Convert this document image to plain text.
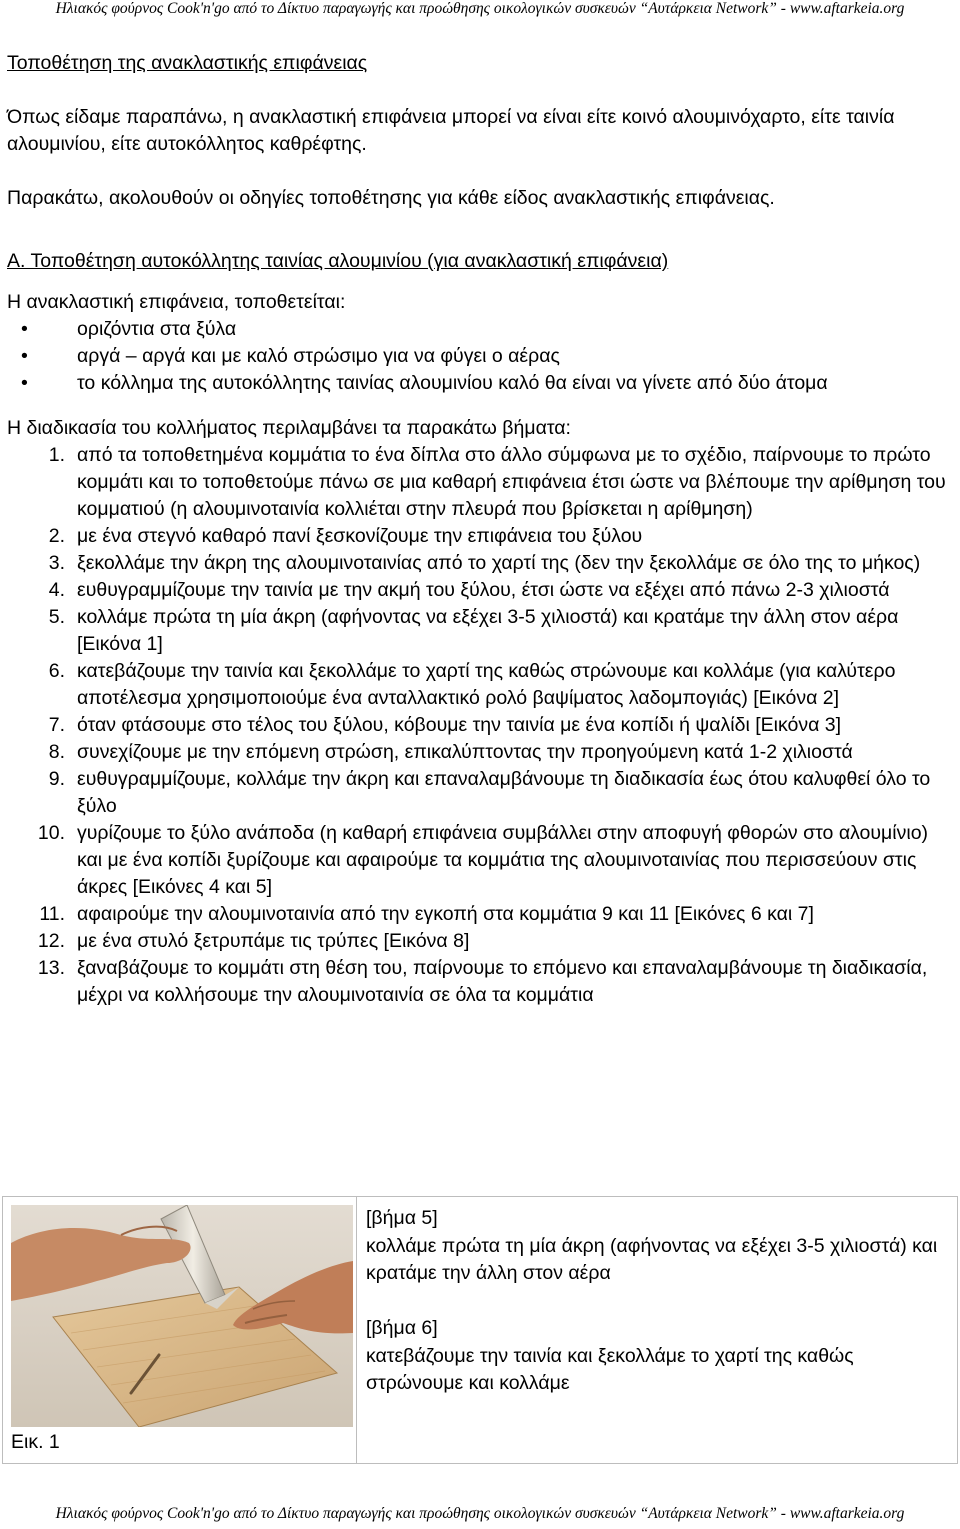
Ηλιακός φούρνος Cook'n'go από το Δίκτυο παραγωγής και προώθησης οικολογικών συσκευών “Αυτάρκεια Network” - www.aftarkeia.org

Τοποθέτηση της ανακλαστικής επιφάνειας

Όπως είδαμε παραπάνω, η ανακλαστική επιφάνεια μπορεί να είναι είτε κοινό αλουμινόχαρτο, είτε ταινία αλουμινίου, είτε αυτοκόλλητος καθρέφτης.

Παρακάτω, ακολουθούν οι οδηγίες τοποθέτησης για κάθε είδος ανακλαστικής επιφάνειας.

Α. Τοποθέτηση αυτοκόλλητης ταινίας αλουμινίου (για ανακλαστική επιφάνεια)

Η ανακλαστική επιφάνεια, τοποθετείται:

•	οριζόντια στα ξύλα
•	αργά – αργά και με καλό στρώσιμο για να φύγει ο αέρας
•	το κόλλημα της αυτοκόλλητης ταινίας αλουμινίου καλό θα είναι να γίνετε από δύο άτομα

Η διαδικασία του κολλήματος περιλαμβάνει τα παρακάτω βήματα:

1. από τα τοποθετημένα κομμάτια το ένα δίπλα στο άλλο σύμφωνα με το σχέδιο, παίρνουμε το πρώτο κομμάτι και το τοποθετούμε πάνω σε μια καθαρή επιφάνεια έτσι ώστε να βλέπουμε την αρίθμηση του κομματιού (η αλουμινοταινία κολλιέται στην πλευρά που βρίσκεται η αρίθμηση)
2. με ένα στεγνό καθαρό πανί ξεσκονίζουμε την επιφάνεια του ξύλου
3. ξεκολλάμε την άκρη της αλουμινοταινίας από το χαρτί της (δεν την ξεκολλάμε σε όλο της το μήκος)
4. ευθυγραμμίζουμε την ταινία με την ακμή του ξύλου, έτσι ώστε να εξέχει από πάνω 2-3 χιλιοστά
5. κολλάμε πρώτα τη μία άκρη (αφήνοντας να εξέχει 3-5 χιλιοστά) και κρατάμε την άλλη στον αέρα [Εικόνα 1]
6. κατεβάζουμε την ταινία και ξεκολλάμε το χαρτί της καθώς στρώνουμε και κολλάμε (για καλύτερο αποτέλεσμα χρησιμοποιούμε ένα ανταλλακτικό ρολό βαψίματος λαδομπογιάς) [Εικόνα 2]
7. όταν φτάσουμε στο τέλος του ξύλου, κόβουμε την ταινία με ένα κοπίδι ή ψαλίδι [Εικόνα 3]
8. συνεχίζουμε με την επόμενη στρώση, επικαλύπτοντας την προηγούμενη κατά 1-2 χιλιοστά
9. ευθυγραμμίζουμε, κολλάμε την άκρη και επαναλαμβάνουμε τη διαδικασία έως ότου καλυφθεί όλο το ξύλο
10. γυρίζουμε το ξύλο ανάποδα (η καθαρή επιφάνεια συμβάλλει στην αποφυγή φθορών στο αλουμίνιο) και με ένα κοπίδι ξυρίζουμε και αφαιρούμε τα κομμάτια της αλουμινοταινίας που περισσεύουν στις άκρες [Εικόνες 4 και 5]
11. αφαιρούμε την αλουμινοταινία από την εγκοπή στα κομμάτια 9 και 11 [Εικόνες 6 και 7]
12. με ένα στυλό ξετρυπάμε τις τρύπες [Εικόνα 8]
13. ξαναβάζουμε το κομμάτι στη θέση του, παίρνουμε το επόμενο και επαναλαμβάνουμε τη διαδικασία, μέχρι να κολλήσουμε την αλουμινοταινία σε όλα τα κομμάτια
Εικ. 1
[βήμα 5]
κολλάμε πρώτα τη μία άκρη (αφήνοντας να εξέχει 3-5 χιλιοστά) και κρατάμε την άλλη στον αέρα
[βήμα 6]
κατεβάζουμε την ταινία και ξεκολλάμε το χαρτί της καθώς στρώνουμε και κολλάμε
Ηλιακός φούρνος Cook'n'go από το Δίκτυο παραγωγής και προώθησης οικολογικών συσκευών “Αυτάρκεια Network” - www.aftarkeia.org
